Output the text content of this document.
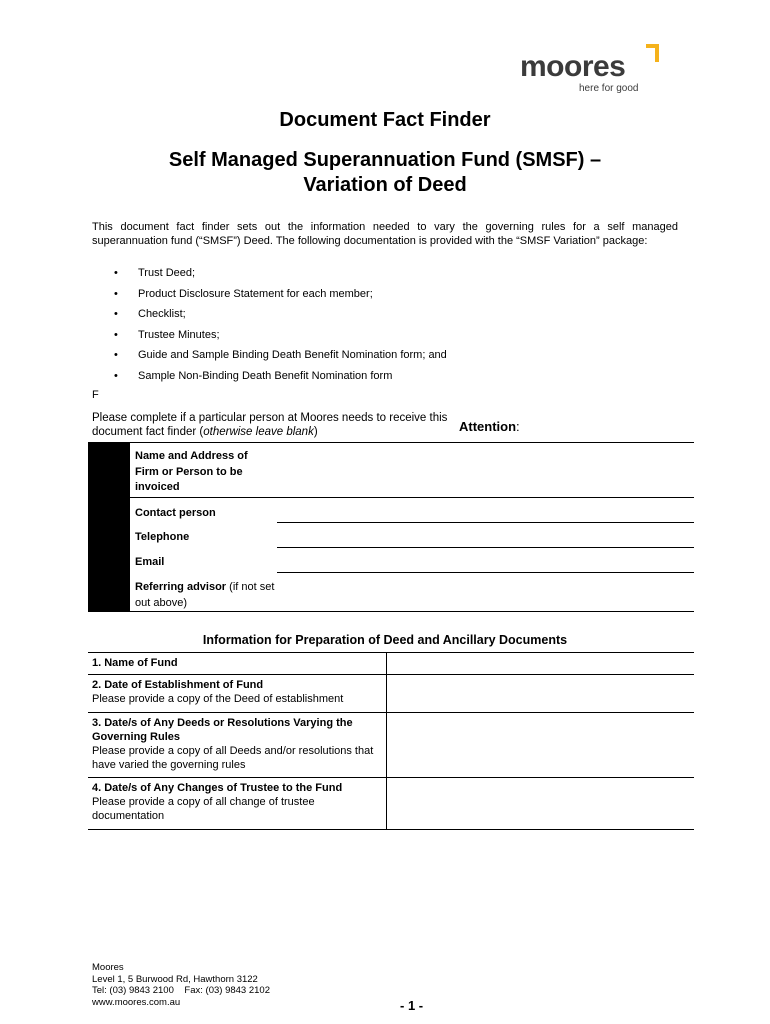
moores
here for good
Document Fact Finder
Self Managed Superannuation Fund (SMSF) –
Variation of Deed
This document fact finder sets out the information needed to vary the governing rules for a self managed superannuation fund (“SMSF”) Deed. The following documentation is provided with the “SMSF Variation” package:
• Trust Deed;
• Product Disclosure Statement for each member;
• Checklist;
• Trustee Minutes;
• Guide and Sample Binding Death Benefit Nomination form; and
• Sample Non-Binding Death Benefit Nomination form
F
Please complete if a particular person at Moores needs to receive this document fact finder (otherwise leave blank)	Attention:
CO
Name and Address of Firm or Person to be invoiced
Contact person
Telephone
Email
Referring advisor (if not set out above)
Information for Preparation of Deed and Ancillary Documents
1. Name of Fund	

2. Date of Establishment of Fund
Please provide a copy of the Deed of establishment	

3. Date/s of Any Deeds or Resolutions Varying the Governing Rules
Please provide a copy of all Deeds and/or resolutions that have varied the governing rules	

4. Date/s of Any Changes of Trustee to the Fund
Please provide a copy of all change of trustee documentation	

Moores
Level 1, 5 Burwood Rd, Hawthorn 3122
Tel: (03) 9843 2100    Fax: (03) 9843 2102
www.moores.com.au	- 1 -
